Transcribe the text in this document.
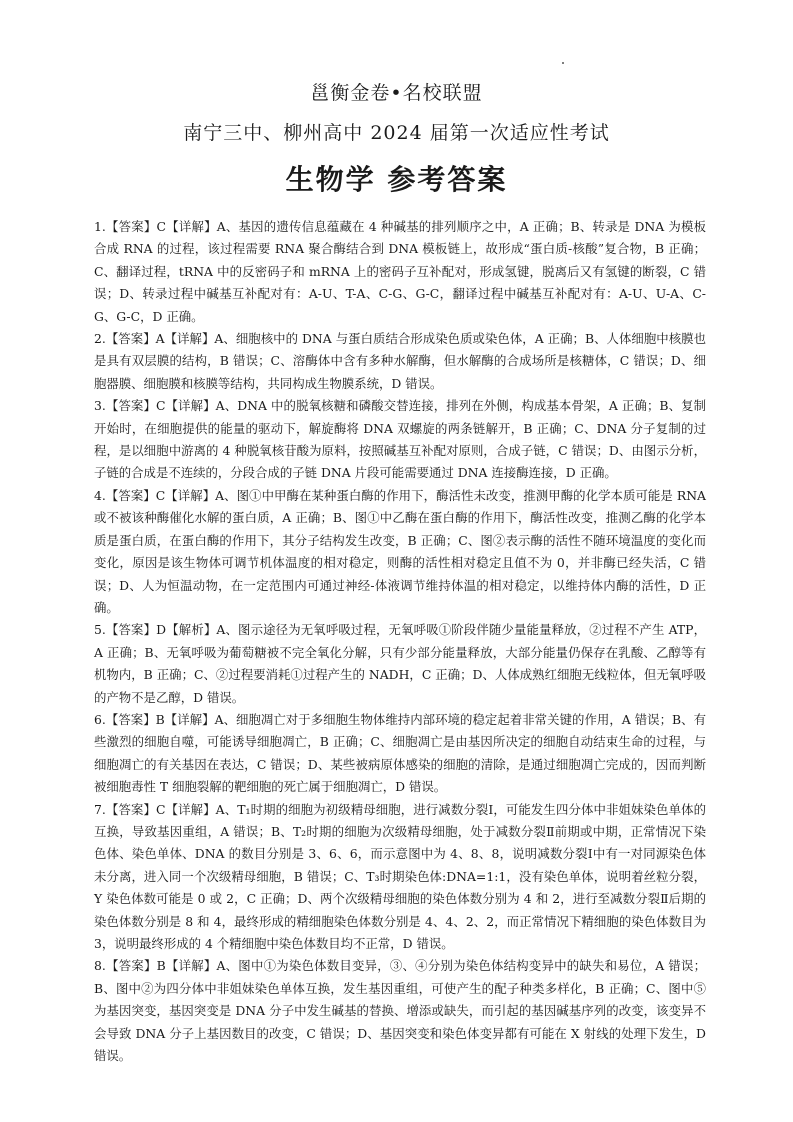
邕衡金卷•名校联盟
南宁三中、柳州高中 2024 届第一次适应性考试
生物学 参考答案

1.【答案】C【详解】A、基因的遗传信息蕴藏在 4 种碱基的排列顺序之中，A 正确；B、转录是 DNA 为模板合成 RNA 的过程，该过程需要 RNA 聚合酶结合到 DNA 模板链上，故形成“蛋白质-核酸”复合物，B 正确；C、翻译过程，tRNA 中的反密码子和 mRNA 上的密码子互补配对，形成氢键，脱离后又有氢键的断裂，C 错误；D、转录过程中碱基互补配对有：A-U、T-A、C-G、G-C，翻译过程中碱基互补配对有：A-U、U-A、C-G、G-C，D 正确。

2.【答案】A【详解】A、细胞核中的 DNA 与蛋白质结合形成染色质或染色体，A 正确；B、人体细胞中核膜也是具有双层膜的结构，B 错误；C、溶酶体中含有多种水解酶，但水解酶的合成场所是核糖体，C 错误；D、细胞器膜、细胞膜和核膜等结构，共同构成生物膜系统，D 错误。

3.【答案】C【详解】A、DNA 中的脱氧核糖和磷酸交替连接，排列在外侧，构成基本骨架，A 正确；B、复制开始时，在细胞提供的能量的驱动下，解旋酶将 DNA 双螺旋的两条链解开，B 正确；C、DNA 分子复制的过程，是以细胞中游离的 4 种脱氧核苷酸为原料，按照碱基互补配对原则，合成子链，C 错误；D、由图示分析，子链的合成是不连续的，分段合成的子链 DNA 片段可能需要通过 DNA 连接酶连接，D 正确。

4.【答案】C【详解】A、图①中甲酶在某种蛋白酶的作用下，酶活性未改变，推测甲酶的化学本质可能是 RNA 或不被该种酶催化水解的蛋白质，A 正确；B、图①中乙酶在蛋白酶的作用下，酶活性改变，推测乙酶的化学本质是蛋白质，在蛋白酶的作用下，其分子结构发生改变，B 正确；C、图②表示酶的活性不随环境温度的变化而变化，原因是该生物体可调节机体温度的相对稳定，则酶的活性相对稳定且值不为 0，并非酶已经失活，C 错误；D、人为恒温动物，在一定范围内可通过神经-体液调节维持体温的相对稳定，以维持体内酶的活性，D 正确。

5.【答案】D【解析】A、图示途径为无氧呼吸过程，无氧呼吸①阶段伴随少量能量释放，②过程不产生 ATP，A 正确；B、无氧呼吸为葡萄糖被不完全氧化分解，只有少部分能量释放，大部分能量仍保存在乳酸、乙醇等有机物内，B 正确；C、②过程要消耗①过程产生的 NADH，C 正确；D、人体成熟红细胞无线粒体，但无氧呼吸的产物不是乙醇，D 错误。

6.【答案】B【详解】A、细胞凋亡对于多细胞生物体维持内部环境的稳定起着非常关键的作用，A 错误；B、有些激烈的细胞自噬，可能诱导细胞凋亡，B 正确；C、细胞凋亡是由基因所决定的细胞自动结束生命的过程，与细胞凋亡的有关基因在表达，C 错误；D、某些被病原体感染的细胞的清除，是通过细胞凋亡完成的，因而判断被细胞毒性 T 细胞裂解的靶细胞的死亡属于细胞凋亡，D 错误。

7.【答案】C【详解】A、T₁时期的细胞为初级精母细胞，进行减数分裂Ⅰ，可能发生四分体中非姐妹染色单体的互换，导致基因重组，A 错误；B、T₂时期的细胞为次级精母细胞，处于减数分裂Ⅱ前期或中期，正常情况下染色体、染色单体、DNA 的数目分别是 3、6、6，而示意图中为 4、8、8，说明减数分裂Ⅰ中有一对同源染色体未分离，进入同一个次级精母细胞，B 错误；C、T₃时期染色体:DNA=1:1，没有染色单体，说明着丝粒分裂，Y 染色体数可能是 0 或 2，C 正确；D、两个次级精母细胞的染色体数分别为 4 和 2，进行至减数分裂Ⅱ后期的染色体数分别是 8 和 4，最终形成的精细胞染色体数分别是 4、4、2、2，而正常情况下精细胞的染色体数目为 3，说明最终形成的 4 个精细胞中染色体数目均不正常，D 错误。

8.【答案】B【详解】A、图中①为染色体数目变异，③、④分别为染色体结构变异中的缺失和易位，A 错误；B、图中②为四分体中非姐妹染色单体互换，发生基因重组，可使产生的配子种类多样化，B 正确；C、图中⑤为基因突变，基因突变是 DNA 分子中发生碱基的替换、增添或缺失，而引起的基因碱基序列的改变，该变异不会导致 DNA 分子上基因数目的改变，C 错误；D、基因突变和染色体变异都有可能在 X 射线的处理下发生，D 错误。
